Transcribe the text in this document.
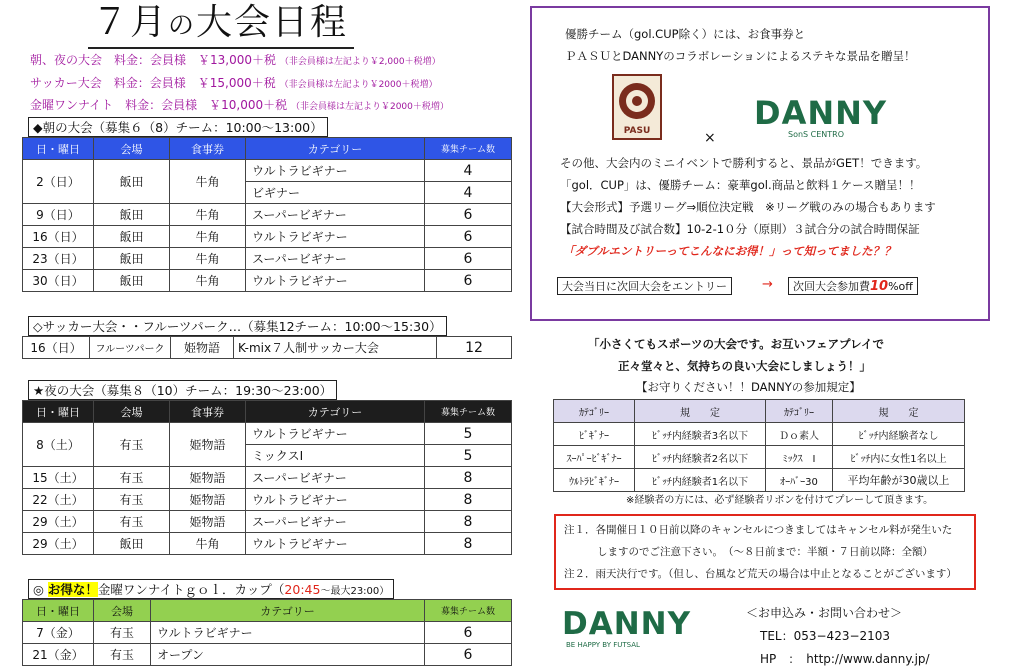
７月の大会日程
朝、夜の大会　料金：会員様　￥13,000＋税 （非会員様は左記より￥2,000＋税増）
サッカー大会　料金：会員様　￥15,000＋税 （非会員様は左記より￥2000＋税増）
金曜ワンナイト　料金：会員様　￥10,000＋税 （非会員様は左記より￥2000＋税増）
◆朝の大会（募集６（8）チーム：10:00～13:00）
日・曜日	会場	食事券	カテゴリー	募集チーム数
2（日）	飯田	牛角	ウルトラビギナー	4
			ビギナー	4
9（日）	飯田	牛角	スーパービギナー	6
16（日）	飯田	牛角	ウルトラビギナー	6
23（日）	飯田	牛角	スーパービギナー	6
30（日）	飯田	牛角	ウルトラビギナー	6
◇サッカー大会・・フルーツパーク…（募集12チーム：10:00～15:30）
16（日）	フルーツパーク	姫物語	K-mix７人制サッカー大会	12
★夜の大会（募集８（10）チーム：19:30～23:00）
日・曜日	会場	食事券	カテゴリー	募集チーム数
8（土）	有玉	姫物語	ウルトラビギナー	5
			ミックスⅠ	5
15（土）	有玉	姫物語	スーパービギナー	8
22（土）	有玉	姫物語	ウルトラビギナー	8
29（土）	有玉	姫物語	スーパービギナー	8
29（土）	飯田	牛角	ウルトラビギナー	8
◎ お得な！金曜ワンナイトｇｏｌ．カップ（20:45～最大23:00）
日・曜日	会場	カテゴリー	募集チーム数
7（金）	有玉	ウルトラビギナー	6
21（金）	有玉	オープン	6
優勝チーム（gol.CUP除く）には、お食事券と
ＰＡＳＵとDANNYのコラボレーションによるステキな景品を贈呈！
PASU	×
DANNY
SonS CENTRO
その他、大会内のミニイベントで勝利すると、景品がGET！できます。
「gol．CUP」は、優勝チーム：豪華gol.商品と飲料１ケース贈呈！！
【大会形式】予選リーグ⇒順位決定戦　※リーグ戦のみの場合もあります
【試合時間及び試合数】10-2-1０分（原則）３試合分の試合時間保証
「ダブルエントリーってこんなにお得！」って知ってました？？
大会当日に次回大会をエントリー	→	次回大会参加費10%off
「小さくてもスポーツの大会です。お互いフェアプレイで
正々堂々と、気持ちの良い大会にしましょう！」
【お守りください！！DANNYの参加規定】
ｶﾃｺﾞﾘｰ	規　　定	ｶﾃｺﾞﾘｰ	規　　定
ﾋﾞｷﾞﾅｰ	ﾋﾞｯﾁ内経験者3名以下	Ｄｏ素人	ﾋﾞｯﾁ内経験者なし
ｽｰﾊﾟｰﾋﾞｷﾞﾅｰ	ﾋﾞｯﾁ内経験者2名以下	ﾐｯｸｽ　Ⅰ	ﾋﾞｯﾁ内に女性1名以上
ｳﾙﾄﾗﾋﾞｷﾞﾅｰ	ﾋﾞｯﾁ内経験者1名以下	ｵｰﾊﾞｰ30	平均年齢が30歳以上
※経験者の方には、必ず経験者リボンを付けてプレーして頂きます。
注１．各開催日１０日前以降のキャンセルにつきましてはキャンセル料が発生いた
しますのでご注意下さい。　（～８日前まで：半額・７日前以降：全額）
注２．雨天決行です。（但し、台風など荒天の場合は中止となることがございます）
DANNY
BE HAPPY BY FUTSAL
＜お申込み・お問い合わせ＞
TEL：053−423−2103
HP　：　http://www.danny.jp/
